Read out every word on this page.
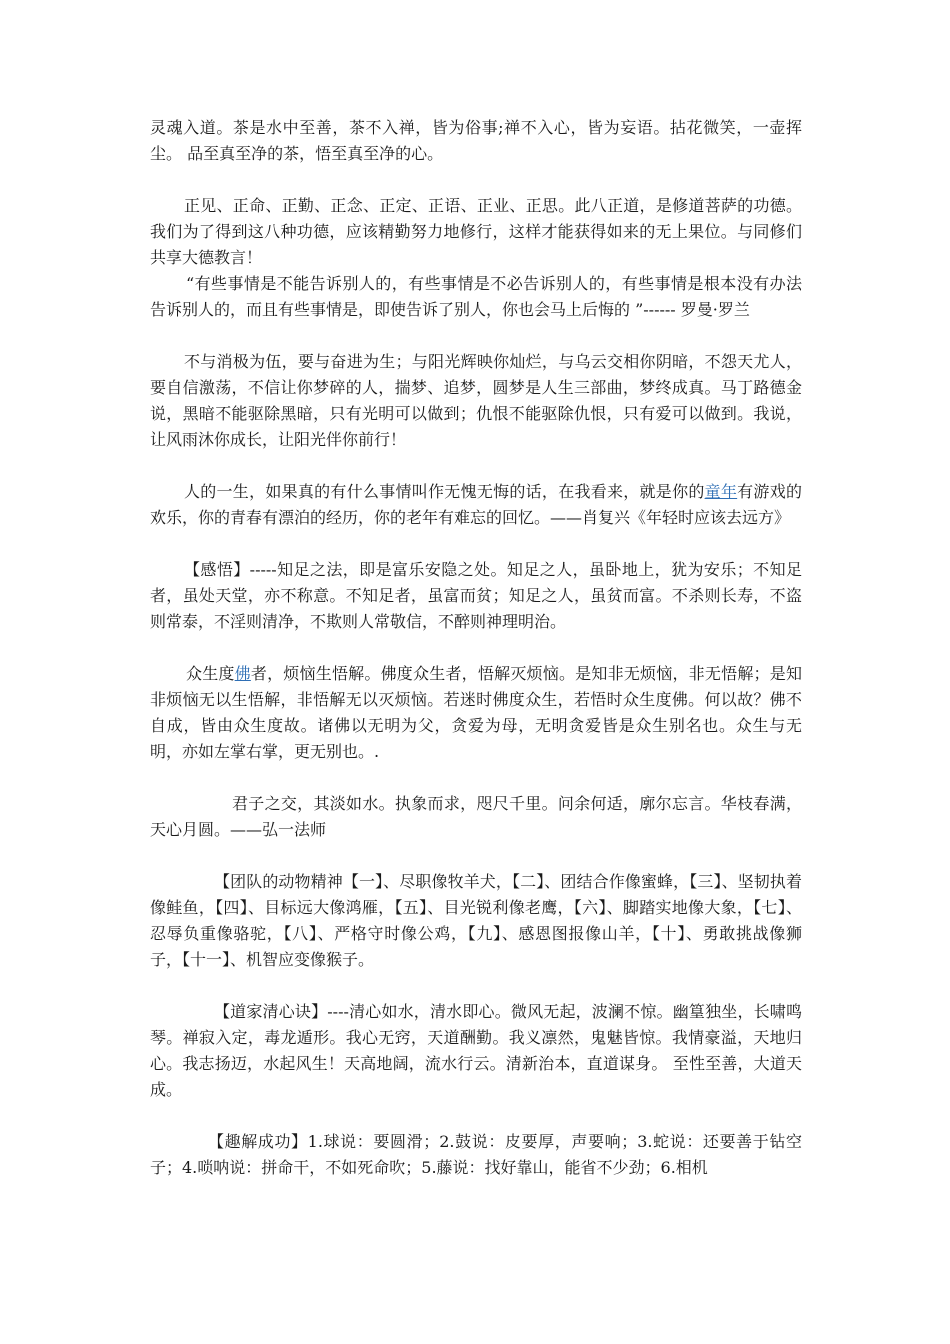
灵魂入道。茶是水中至善，茶不入禅，皆为俗事;禅不入心，皆为妄语。拈花微笑，一壶挥尘。 品至真至净的茶，悟至真至净的心。

正见、正命、正勤、正念、正定、正语、正业、正思。此八正道，是修道菩萨的功德。我们为了得到这八种功德，应该精勤努力地修行，这样才能获得如来的无上果位。与同修们共享大德教言！

“有些事情是不能告诉别人的，有些事情是不必告诉别人的，有些事情是根本没有办法告诉别人的，而且有些事情是，即使告诉了别人，你也会马上后悔的 ”------ 罗曼·罗兰

不与消极为伍，要与奋进为生；与阳光辉映你灿烂，与乌云交相你阴暗，不怨天尤人，要自信激荡，不信让你梦碎的人，揣梦、追梦，圆梦是人生三部曲，梦终成真。马丁路德金说，黑暗不能驱除黑暗，只有光明可以做到；仇恨不能驱除仇恨，只有爱可以做到。我说，让风雨沐你成长，让阳光伴你前行！

人的一生，如果真的有什么事情叫作无愧无悔的话，在我看来，就是你的童年有游戏的欢乐，你的青春有漂泊的经历，你的老年有难忘的回忆。——肖复兴《年轻时应该去远方》

【感悟】-----知足之法，即是富乐安隐之处。知足之人，虽卧地上，犹为安乐；不知足者，虽处天堂，亦不称意。不知足者，虽富而贫；知足之人，虽贫而富。不杀则长寿，不盗则常泰，不淫则清净，不欺则人常敬信，不醉则神理明治。

众生度佛者，烦恼生悟解。佛度众生者，悟解灭烦恼。是知非无烦恼，非无悟解；是知非烦恼无以生悟解，非悟解无以灭烦恼。若迷时佛度众生，若悟时众生度佛。何以故？佛不自成，皆由众生度故。诸佛以无明为父，贪爱为母，无明贪爱皆是众生别名也。众生与无明，亦如左掌右掌，更无别也。.

君子之交，其淡如水。执象而求，咫尺千里。问余何适，廓尔忘言。华枝春满，天心月圆。——弘一法师

【团队的动物精神【一】、尽职像牧羊犬，【二】、团结合作像蜜蜂，【三】、坚韧执着像鲑鱼，【四】、目标远大像鸿雁，【五】、目光锐利像老鹰，【六】、脚踏实地像大象，【七】、忍辱负重像骆驼，【八】、严格守时像公鸡，【九】、感恩图报像山羊，【十】、勇敢挑战像狮子，【十一】、机智应变像猴子。

【道家清心诀】----清心如水，清水即心。微风无起，波澜不惊。幽篁独坐，长啸鸣琴。禅寂入定，毒龙遁形。我心无窍，天道酬勤。我义凛然，鬼魅皆惊。我情豪溢，天地归心。我志扬迈，水起风生！天高地阔，流水行云。清新治本，直道谋身。 至性至善，大道天成。

【趣解成功】1.球说：要圆滑；2.鼓说：皮要厚，声要响；3.蛇说：还要善于钻空子；4.唢呐说：拼命干，不如死命吹；5.藤说：找好靠山，能省不少劲；6.相机
